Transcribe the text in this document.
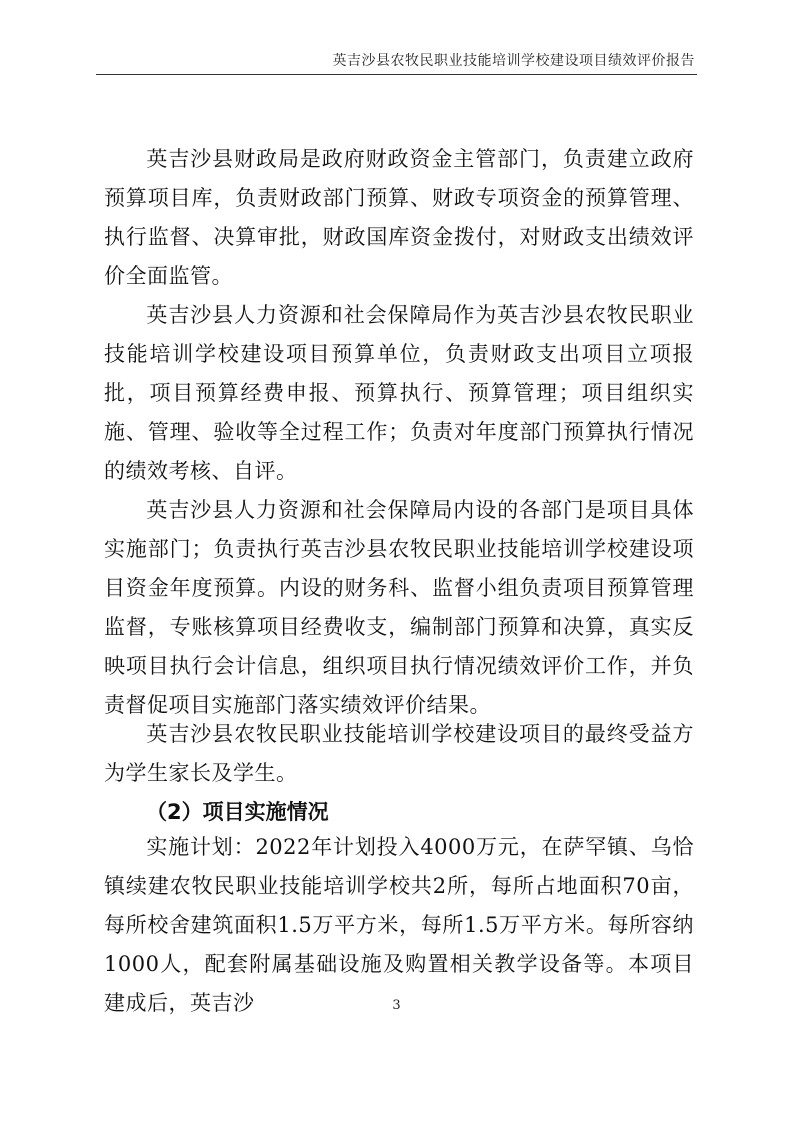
英吉沙县农牧民职业技能培训学校建设项目绩效评价报告

英吉沙县财政局是政府财政资金主管部门，负责建立政府预算项目库，负责财政部门预算、财政专项资金的预算管理、执行监督、决算审批，财政国库资金拨付，对财政支出绩效评价全面监管。

英吉沙县人力资源和社会保障局作为英吉沙县农牧民职业技能培训学校建设项目预算单位，负责财政支出项目立项报批，项目预算经费申报、预算执行、预算管理；项目组织实施、管理、验收等全过程工作；负责对年度部门预算执行情况的绩效考核、自评。

英吉沙县人力资源和社会保障局内设的各部门是项目具体实施部门；负责执行英吉沙县农牧民职业技能培训学校建设项目资金年度预算。内设的财务科、监督小组负责项目预算管理监督，专账核算项目经费收支，编制部门预算和决算，真实反映项目执行会计信息，组织项目执行情况绩效评价工作，并负责督促项目实施部门落实绩效评价结果。

英吉沙县农牧民职业技能培训学校建设项目的最终受益方为学生家长及学生。

（2）项目实施情况

实施计划：2022年计划投入4000万元，在萨罕镇、乌恰镇续建农牧民职业技能培训学校共2所，每所占地面积70亩，每所校舍建筑面积1.5万平方米，每所1.5万平方米。每所容纳1000人，配套附属基础设施及购置相关教学设备等。本项目建成后，英吉沙	3
